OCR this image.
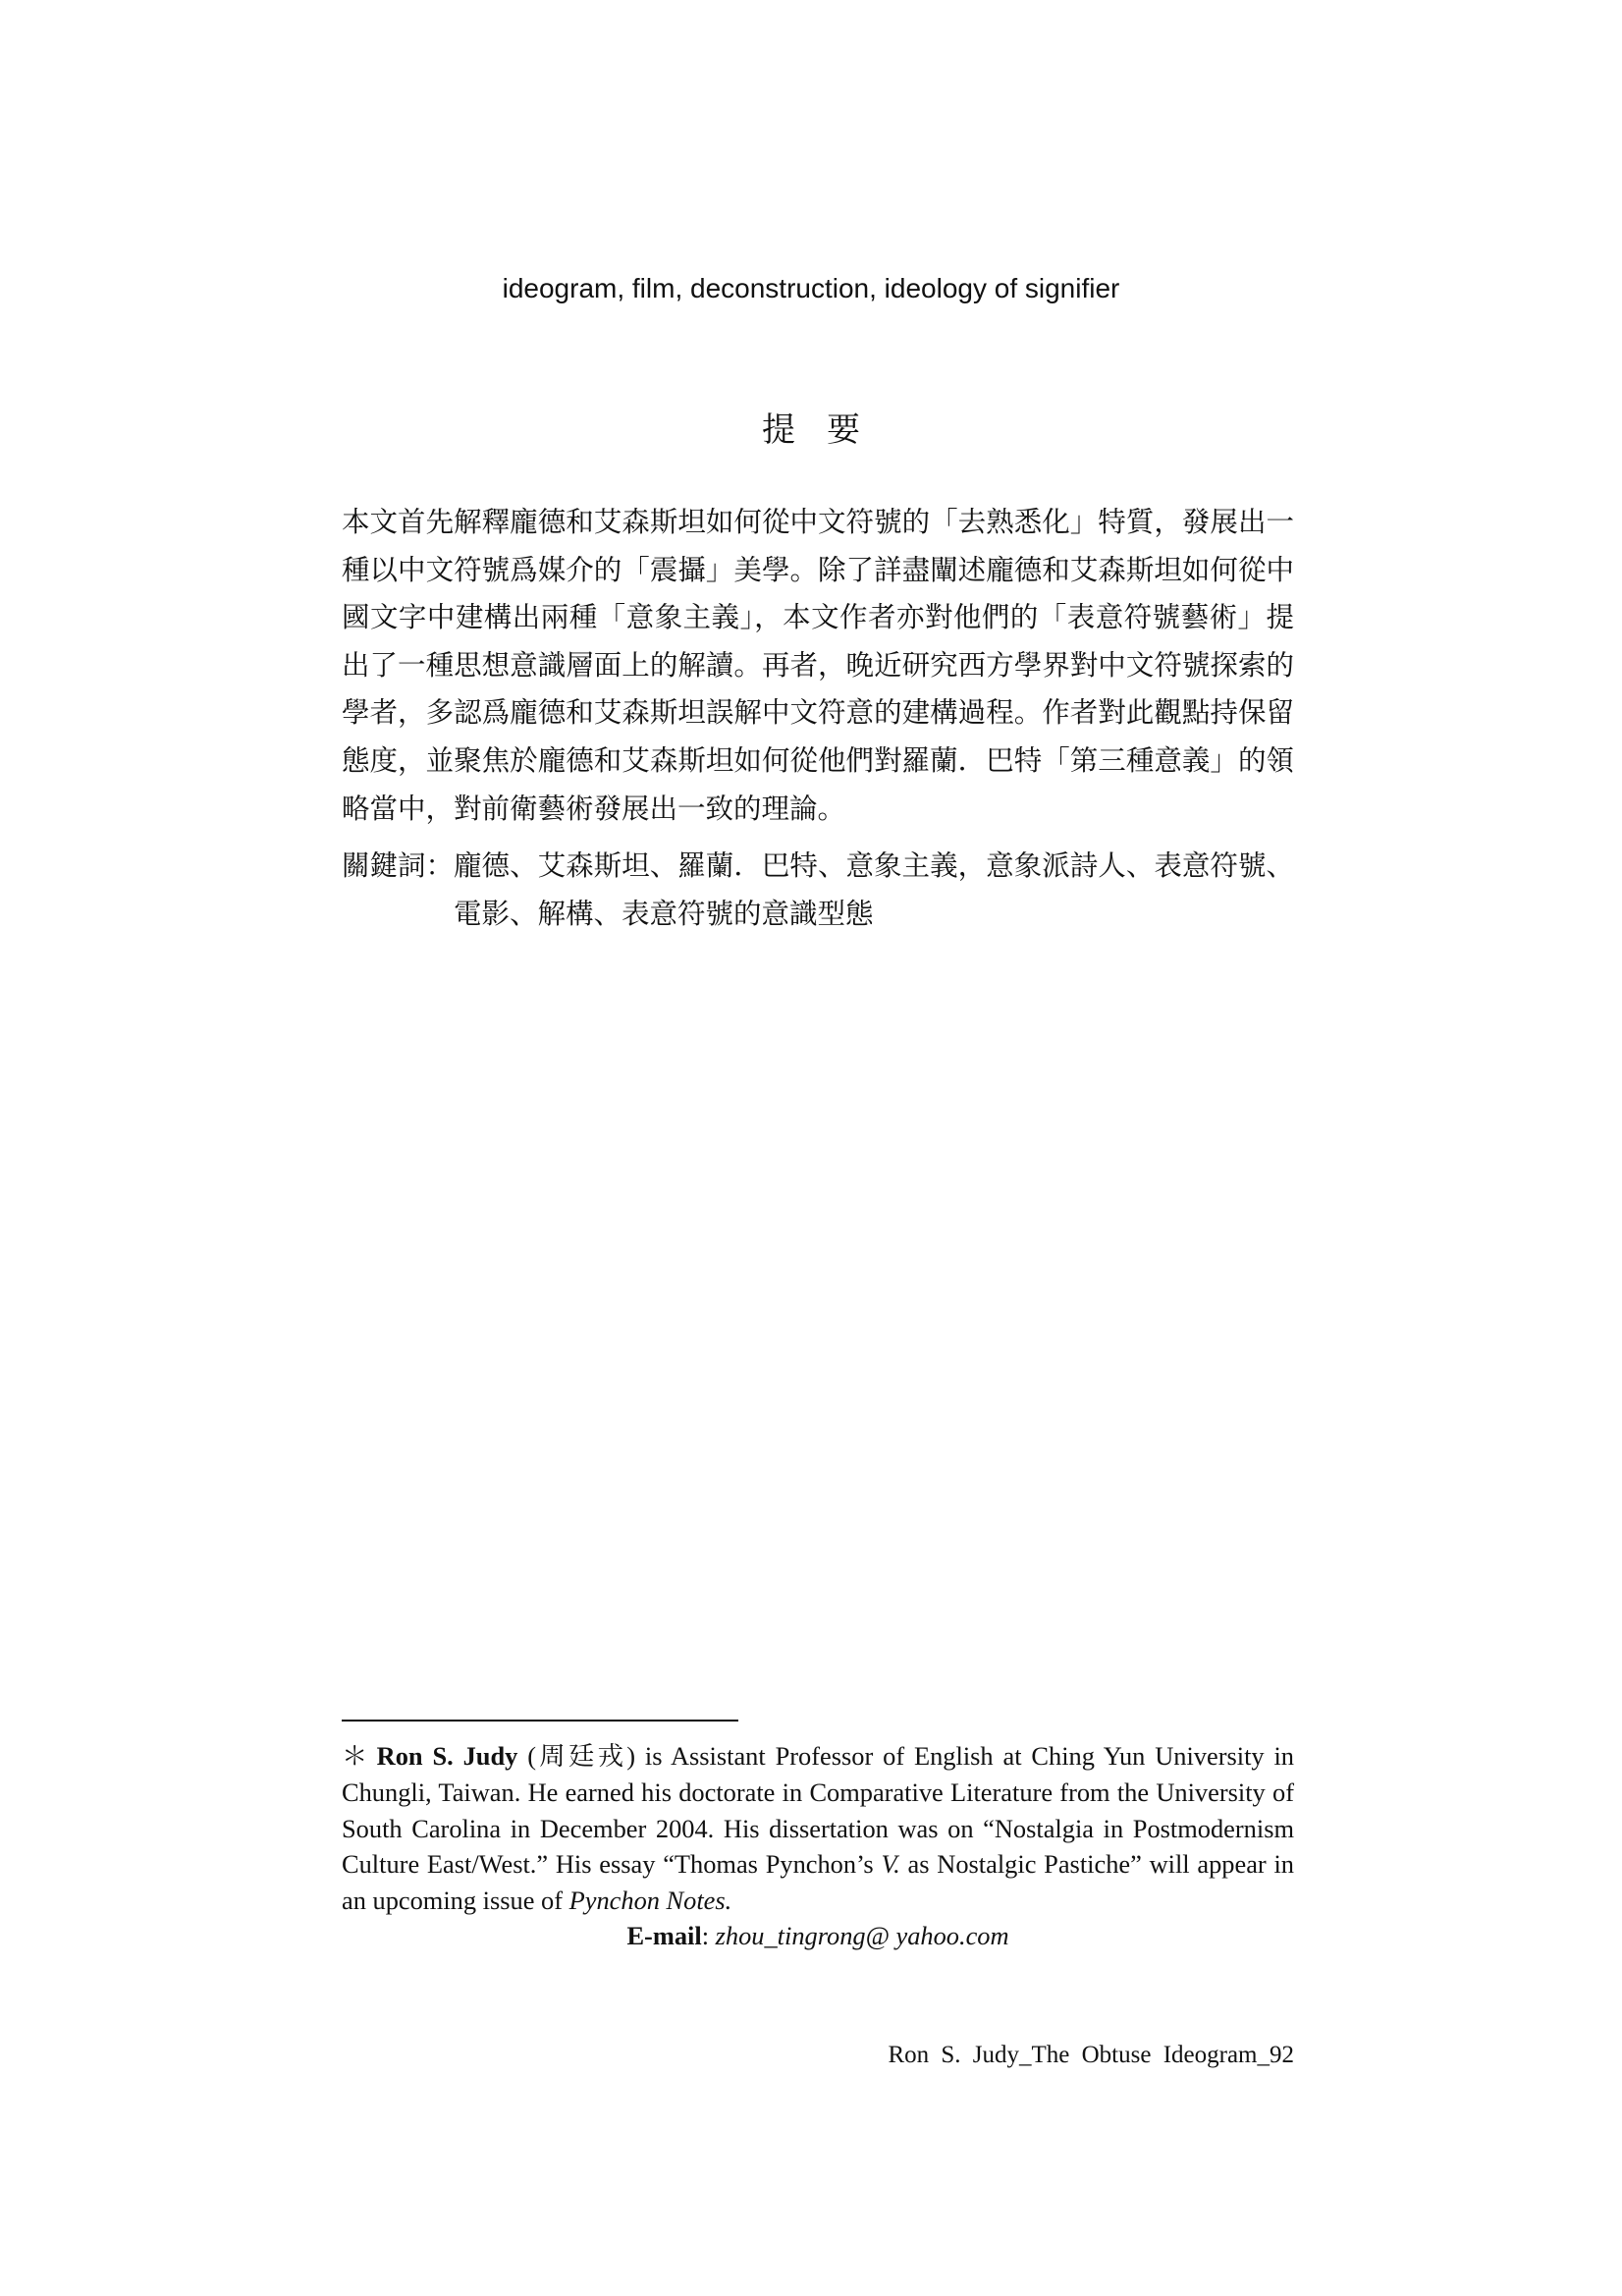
ideogram, film, deconstruction, ideology of signifier
提要
本文首先解釋龐德和艾森斯坦如何從中文符號的「去熟悉化」特質，發展出一種以中文符號爲媒介的「震攝」美學。除了詳盡闡述龐德和艾森斯坦如何從中國文字中建構出兩種「意象主義」，本文作者亦對他們的「表意符號藝術」提出了一種思想意識層面上的解讀。再者，晚近研究西方學界對中文符號探索的學者，多認爲龐德和艾森斯坦誤解中文符意的建構過程。作者對此觀點持保留態度，並聚焦於龐德和艾森斯坦如何從他們對羅蘭．巴特「第三種意義」的領略當中，對前衛藝術發展出一致的理論。
關鍵詞： 龐德、艾森斯坦、羅蘭．巴特、意象主義，意象派詩人、表意符號、電影、解構、表意符號的意識型態
＊ Ron S. Judy (周廷戎) is Assistant Professor of English at Ching Yun University in Chungli, Taiwan. He earned his doctorate in Comparative Literature from the University of South Carolina in December 2004. His dissertation was on “Nostalgia in Postmodernism Culture East/West.” His essay “Thomas Pynchon’s V. as Nostalgic Pastiche” will appear in an upcoming issue of Pynchon Notes.
E-mail: zhou_tingrong@ yahoo.com
Ron S. Judy_The Obtuse Ideogram_92
